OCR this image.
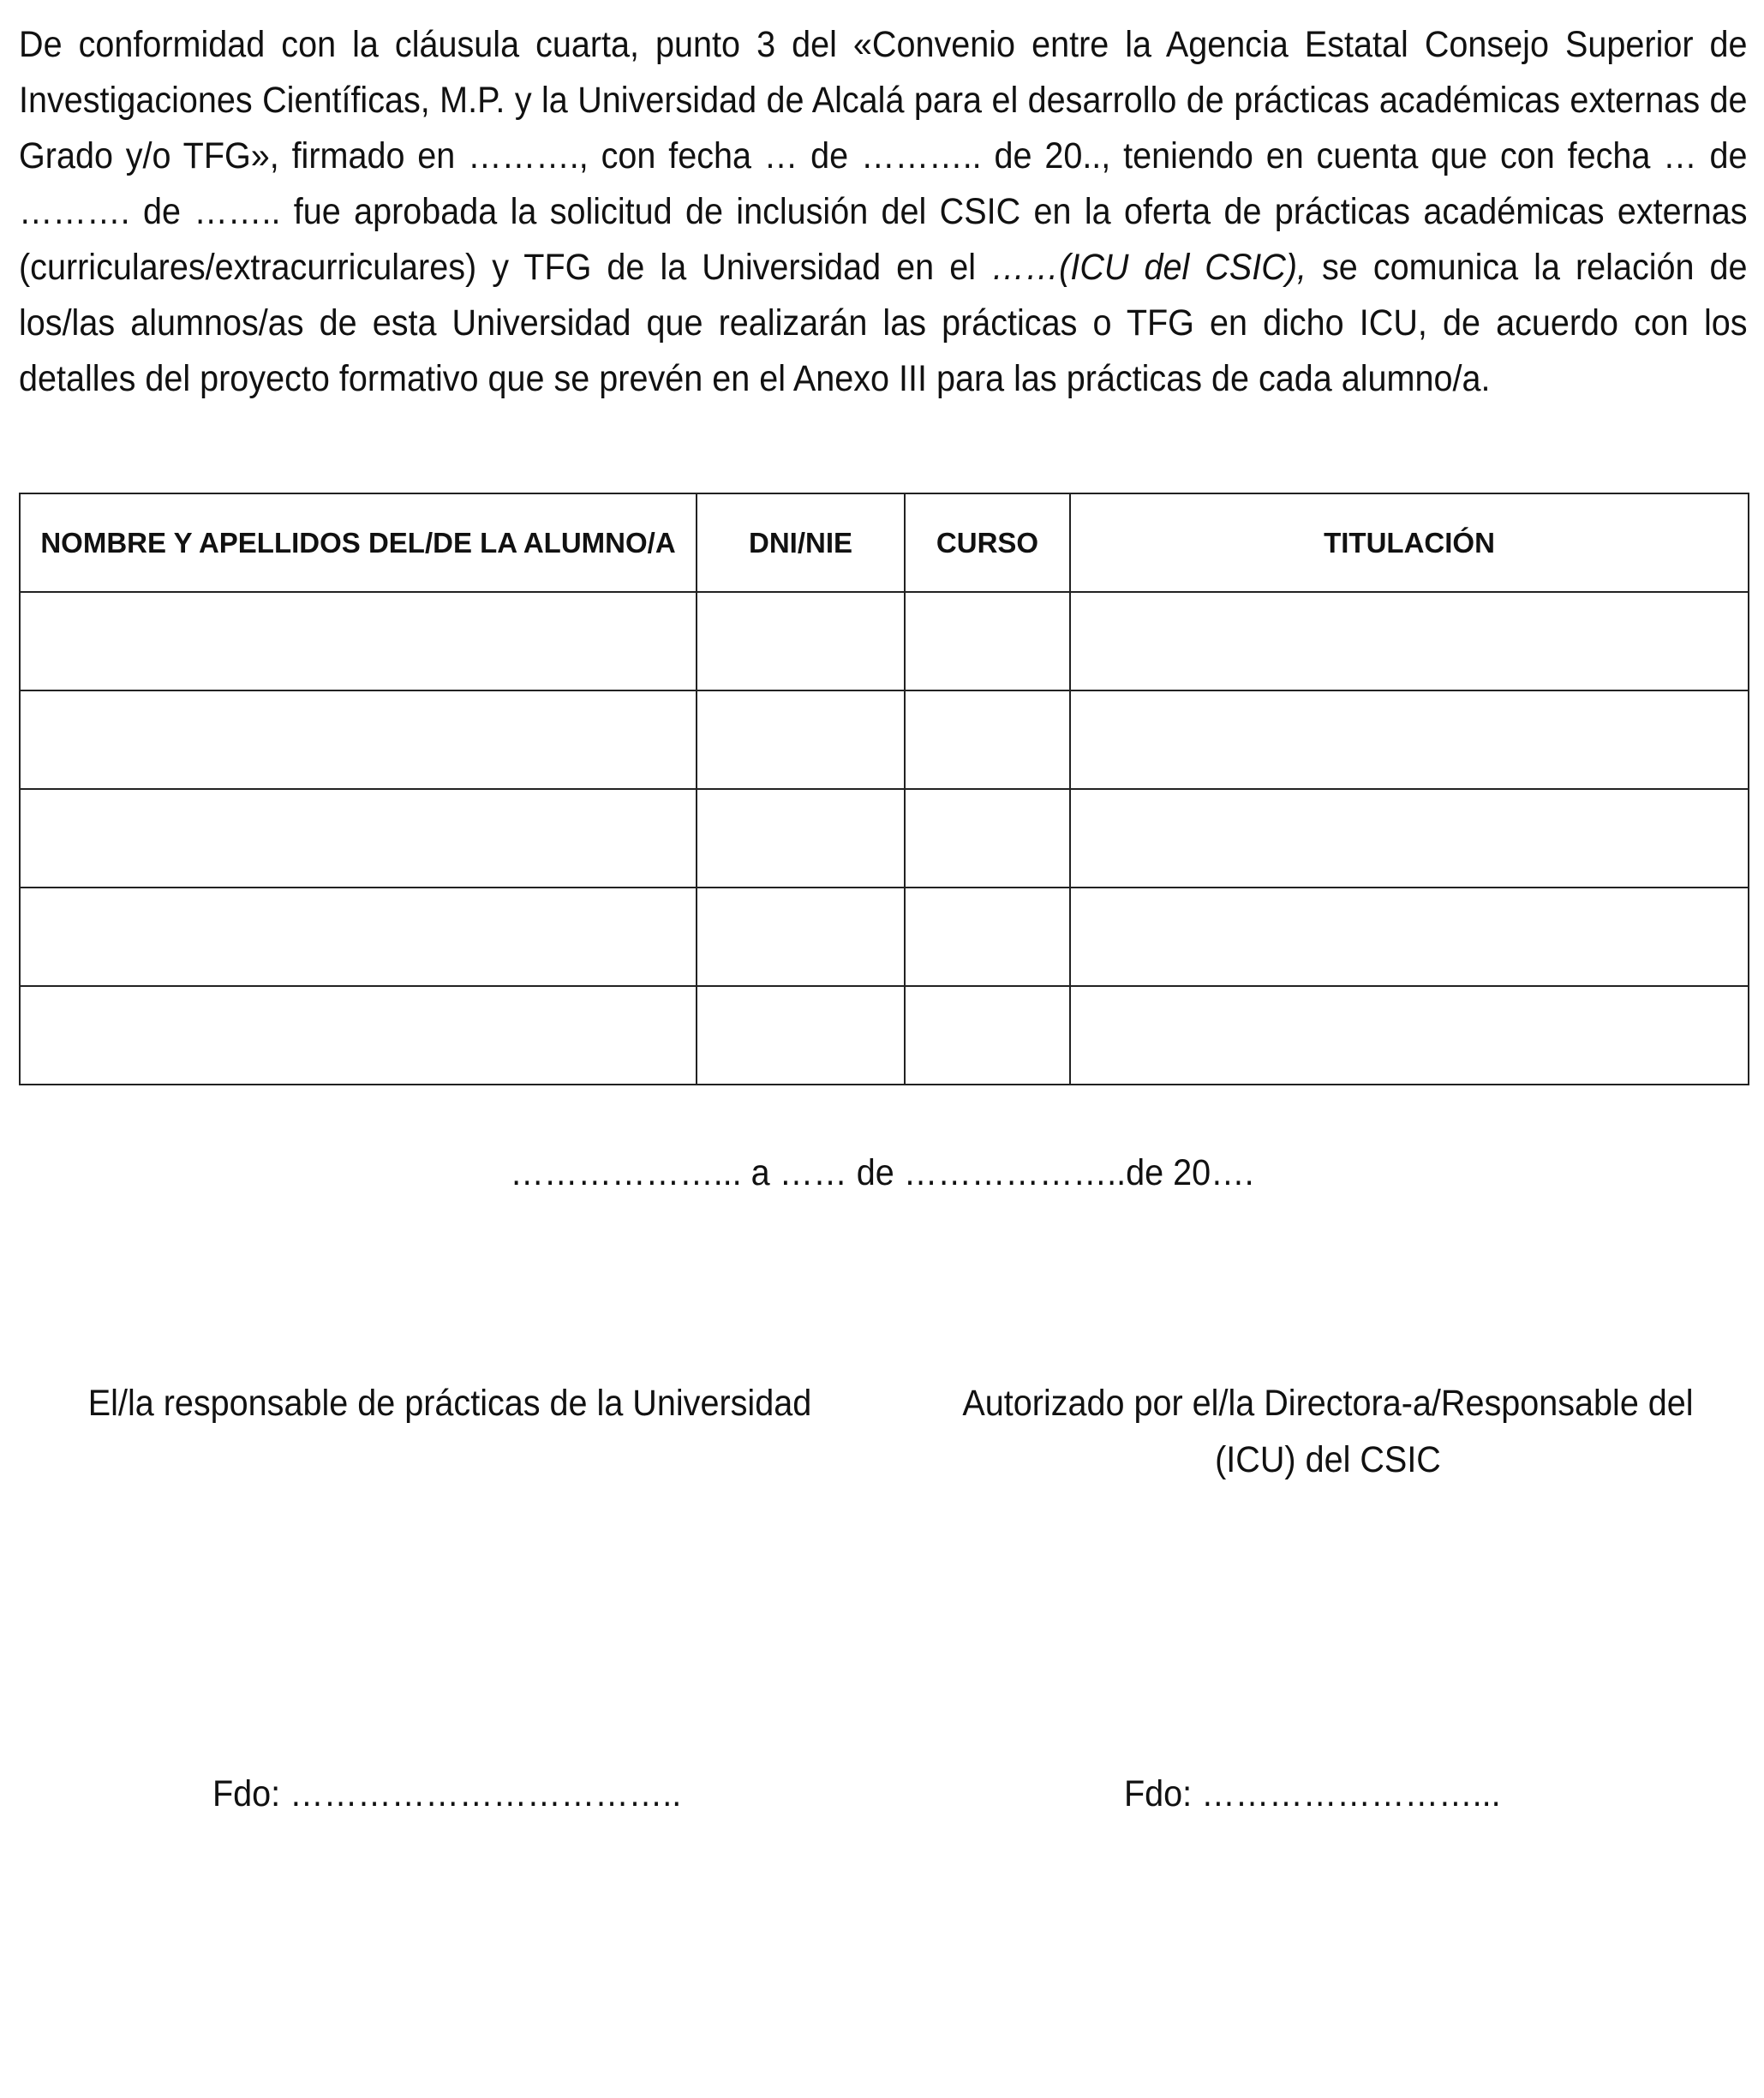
De conformidad con la cláusula cuarta, punto 3 del «Convenio entre la Agencia Estatal Consejo Superior de Investigaciones Científicas, M.P. y la Universidad de Alcalá para el desarrollo de prácticas académicas externas de Grado y/o TFG», firmado en ………., con fecha … de ……….. de 20.., teniendo en cuenta que con fecha … de ………. de …….. fue aprobada la solicitud de inclusión del CSIC en la oferta de prácticas académicas externas (curriculares/extracurriculares) y TFG de la Universidad en el ……(ICU del CSIC), se comunica la relación de los/las alumnos/as de esta Universidad que realizarán las prácticas o TFG en dicho ICU, de acuerdo con los detalles del proyecto formativo que se prevén en el Anexo III para las prácticas de cada alumno/a.
NOMBRE Y APELLIDOS DEL/DE LA ALUMNO/A	DNI/NIE	CURSO	TITULACIÓN

………………... a …… de ………………..de 20….
El/la responsable de prácticas de la Universidad	Autorizado por el/la Directora-a/Responsable del (ICU) del CSIC
Fdo: ……………………………..	Fdo: ……………………...
